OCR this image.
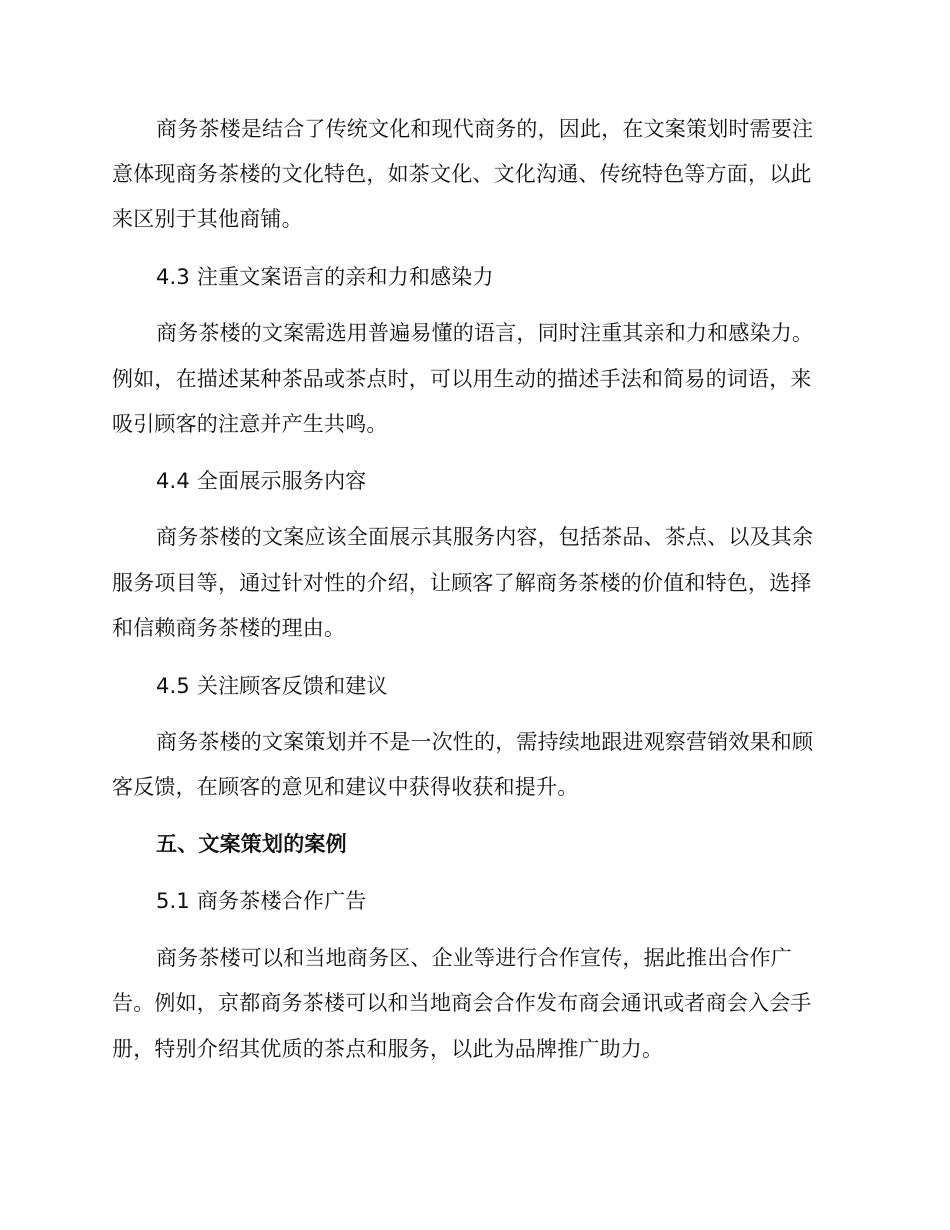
商务茶楼是结合了传统文化和现代商务的，因此，在文案策划时需要注
意体现商务茶楼的文化特色，如茶文化、文化沟通、传统特色等方面，以此
来区别于其他商铺。
4.3 注重文案语言的亲和力和感染力
商务茶楼的文案需选用普遍易懂的语言，同时注重其亲和力和感染力。
例如，在描述某种茶品或茶点时，可以用生动的描述手法和简易的词语，来
吸引顾客的注意并产生共鸣。
4.4 全面展示服务内容
商务茶楼的文案应该全面展示其服务内容，包括茶品、茶点、以及其余
服务项目等，通过针对性的介绍，让顾客了解商务茶楼的价值和特色，选择
和信赖商务茶楼的理由。
4.5 关注顾客反馈和建议
商务茶楼的文案策划并不是一次性的，需持续地跟进观察营销效果和顾
客反馈，在顾客的意见和建议中获得收获和提升。
五、文案策划的案例
5.1 商务茶楼合作广告
商务茶楼可以和当地商务区、企业等进行合作宣传，据此推出合作广
告。例如，京都商务茶楼可以和当地商会合作发布商会通讯或者商会入会手
册，特别介绍其优质的茶点和服务，以此为品牌推广助力。
